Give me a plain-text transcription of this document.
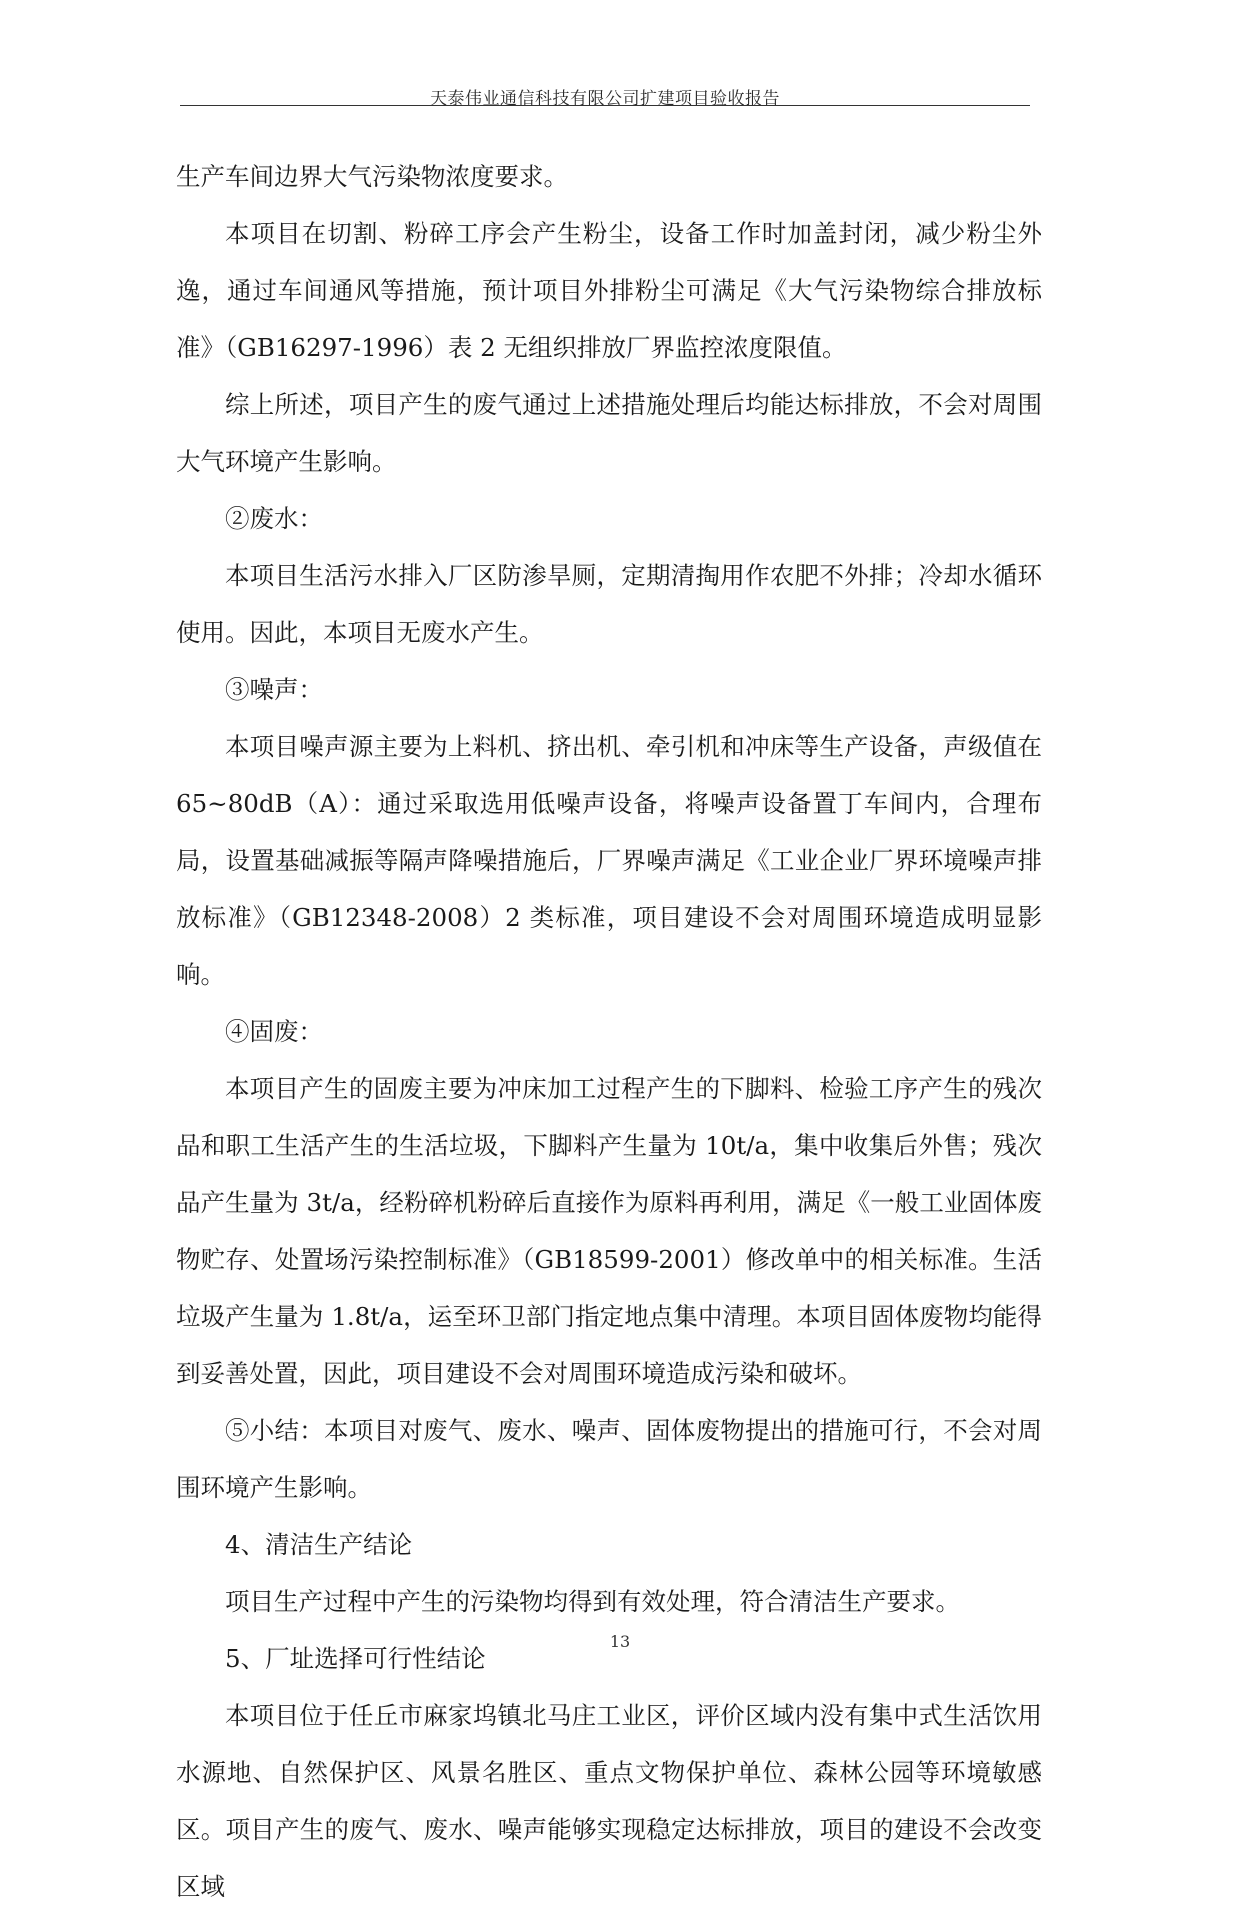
天泰伟业通信科技有限公司扩建项目验收报告

生产车间边界大气污染物浓度要求。

本项目在切割、粉碎工序会产生粉尘，设备工作时加盖封闭，减少粉尘外逸，通过车间通风等措施，预计项目外排粉尘可满足《大气污染物综合排放标准》（GB16297-1996）表 2 无组织排放厂界监控浓度限值。

综上所述，项目产生的废气通过上述措施处理后均能达标排放，不会对周围大气环境产生影响。

②废水：

本项目生活污水排入厂区防渗旱厕，定期清掏用作农肥不外排；冷却水循环使用。因此，本项目无废水产生。

③噪声：

本项目噪声源主要为上料机、挤出机、牵引机和冲床等生产设备，声级值在 65~80dB（A）：通过采取选用低噪声设备，将噪声设备置丁车间内，合理布局，设置基础减振等隔声降噪措施后，厂界噪声满足《工业企业厂界环境噪声排放标准》（GB12348-2008）2 类标准，项目建设不会对周围环境造成明显影响。

④固废：

本项目产生的固废主要为冲床加工过程产生的下脚料、检验工序产生的残次品和职工生活产生的生活垃圾，下脚料产生量为 10t/a，集中收集后外售；残次品产生量为 3t/a，经粉碎机粉碎后直接作为原料再利用，满足《一般工业固体废物贮存、处置场污染控制标准》（GB18599-2001）修改单中的相关标准。生活垃圾产生量为 1.8t/a，运至环卫部门指定地点集中清理。本项目固体废物均能得到妥善处置，因此，项目建设不会对周围环境造成污染和破坏。

⑤小结：本项目对废气、废水、噪声、固体废物提出的措施可行，不会对周围环境产生影响。

4、清洁生产结论

项目生产过程中产生的污染物均得到有效处理，符合清洁生产要求。

5、厂址选择可行性结论

本项目位于任丘市麻家坞镇北马庄工业区，评价区域内没有集中式生活饮用水源地、自然保护区、风景名胜区、重点文物保护单位、森林公园等环境敏感区。项目产生的废气、废水、噪声能够实现稳定达标排放，项目的建设不会改变区域

13
